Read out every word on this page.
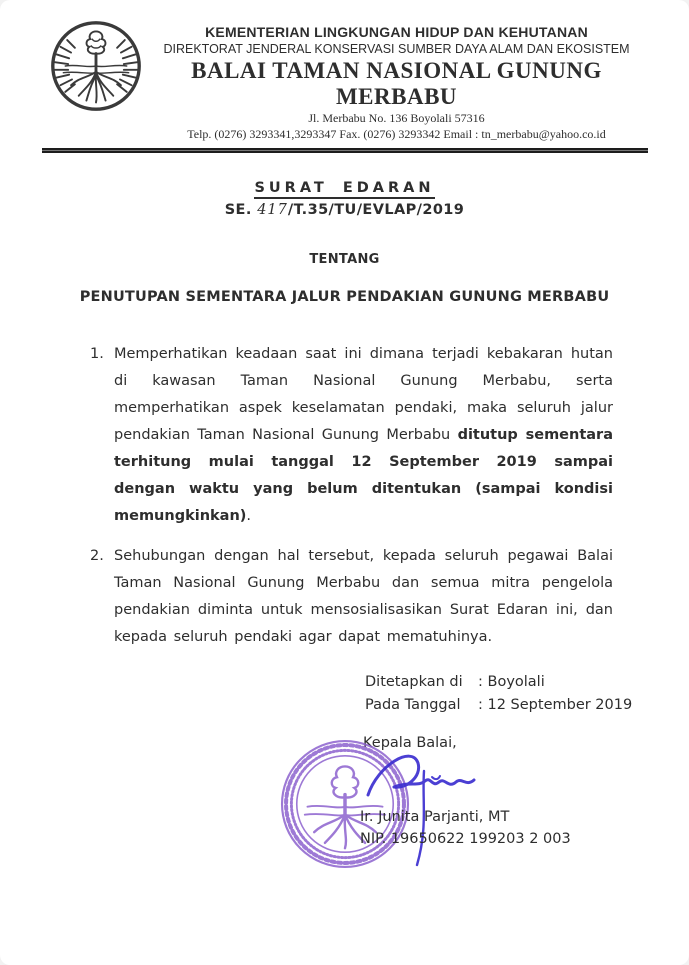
KEMENTERIAN LINGKUNGAN HIDUP DAN KEHUTANAN
DIREKTORAT JENDERAL KONSERVASI SUMBER DAYA ALAM DAN EKOSISTEM
BALAI TAMAN NASIONAL GUNUNG MERBABU
Jl. Merbabu No. 136 Boyolali 57316
Telp. (0276) 3293341,3293347 Fax. (0276) 3293342 Email : tn_merbabu@yahoo.co.id
SURAT EDARAN
SE. 417/T.35/TU/EVLAP/2019
TENTANG
PENUTUPAN SEMENTARA JALUR PENDAKIAN GUNUNG MERBABU
1. Memperhatikan keadaan saat ini dimana terjadi kebakaran hutan di kawasan Taman Nasional Gunung Merbabu, serta memperhatikan aspek keselamatan pendaki, maka seluruh jalur pendakian Taman Nasional Gunung Merbabu ditutup sementara terhitung mulai tanggal 12 September 2019 sampai dengan waktu yang belum ditentukan (sampai kondisi memungkinkan).
2. Sehubungan dengan hal tersebut, kepada seluruh pegawai Balai Taman Nasional Gunung Merbabu dan semua mitra pengelola pendakian diminta untuk mensosialisasikan Surat Edaran ini, dan kepada seluruh pendaki agar dapat mematuhinya.
Ditetapkan di	: Boyolali
Pada Tanggal	: 12 September 2019
Kepala Balai,
Ir. Junita Parjanti, MT
NIP. 19650622 199203 2 003
